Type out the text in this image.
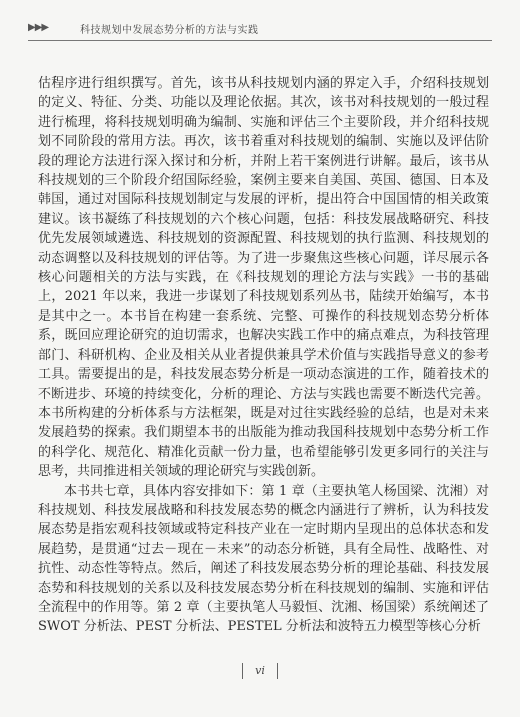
▶▶▶	科技规划中发展态势分析的方法与实践

估程序进行组织撰写。首先，该书从科技规划内涵的界定入手，介绍科技规划的定义、特征、分类、功能以及理论依据。其次，该书对科技规划的一般过程进行梳理，将科技规划明确为编制、实施和评估三个主要阶段，并介绍科技规划不同阶段的常用方法。再次，该书着重对科技规划的编制、实施以及评估阶段的理论方法进行深入探讨和分析，并附上若干案例进行讲解。最后，该书从科技规划的三个阶段介绍国际经验，案例主要来自美国、英国、德国、日本及韩国，通过对国际科技规划制定与发展的评析，提出符合中国国情的相关政策建议。该书凝练了科技规划的六个核心问题，包括：科技发展战略研究、科技优先发展领域遴选、科技规划的资源配置、科技规划的执行监测、科技规划的动态调整以及科技规划的评估等。为了进一步聚焦这些核心问题，详尽展示各核心问题相关的方法与实践，在《科技规划的理论方法与实践》一书的基础上，2021 年以来，我进一步谋划了科技规划系列丛书，陆续开始编写，本书是其中之一。本书旨在构建一套系统、完整、可操作的科技规划态势分析体系，既回应理论研究的迫切需求，也解决实践工作中的痛点难点，为科技管理部门、科研机构、企业及相关从业者提供兼具学术价值与实践指导意义的参考工具。需要提出的是，科技发展态势分析是一项动态演进的工作，随着技术的不断进步、环境的持续变化，分析的理论、方法与实践也需要不断迭代完善。本书所构建的分析体系与方法框架，既是对过往实践经验的总结，也是对未来发展趋势的探索。我们期望本书的出版能为推动我国科技规划中态势分析工作的科学化、规范化、精准化贡献一份力量，也希望能够引发更多同行的关注与思考，共同推进相关领域的理论研究与实践创新。

本书共七章，具体内容安排如下：第 1 章（主要执笔人杨国梁、沈湘）对科技规划、科技发展战略和科技发展态势的概念内涵进行了辨析，认为科技发展态势是指宏观科技领域或特定科技产业在一定时期内呈现出的总体状态和发展趋势，是贯通“过去－现在－未来”的动态分析链，具有全局性、战略性、对抗性、动态性等特点。然后，阐述了科技发展态势分析的理论基础、科技发展态势和科技规划的关系以及科技发展态势分析在科技规划的编制、实施和评估全流程中的作用等。第 2 章（主要执笔人马毅恒、沈湘、杨国梁）系统阐述了 SWOT 分析法、PEST 分析法、PESTEL 分析法和波特五力模型等核心分析

vi
